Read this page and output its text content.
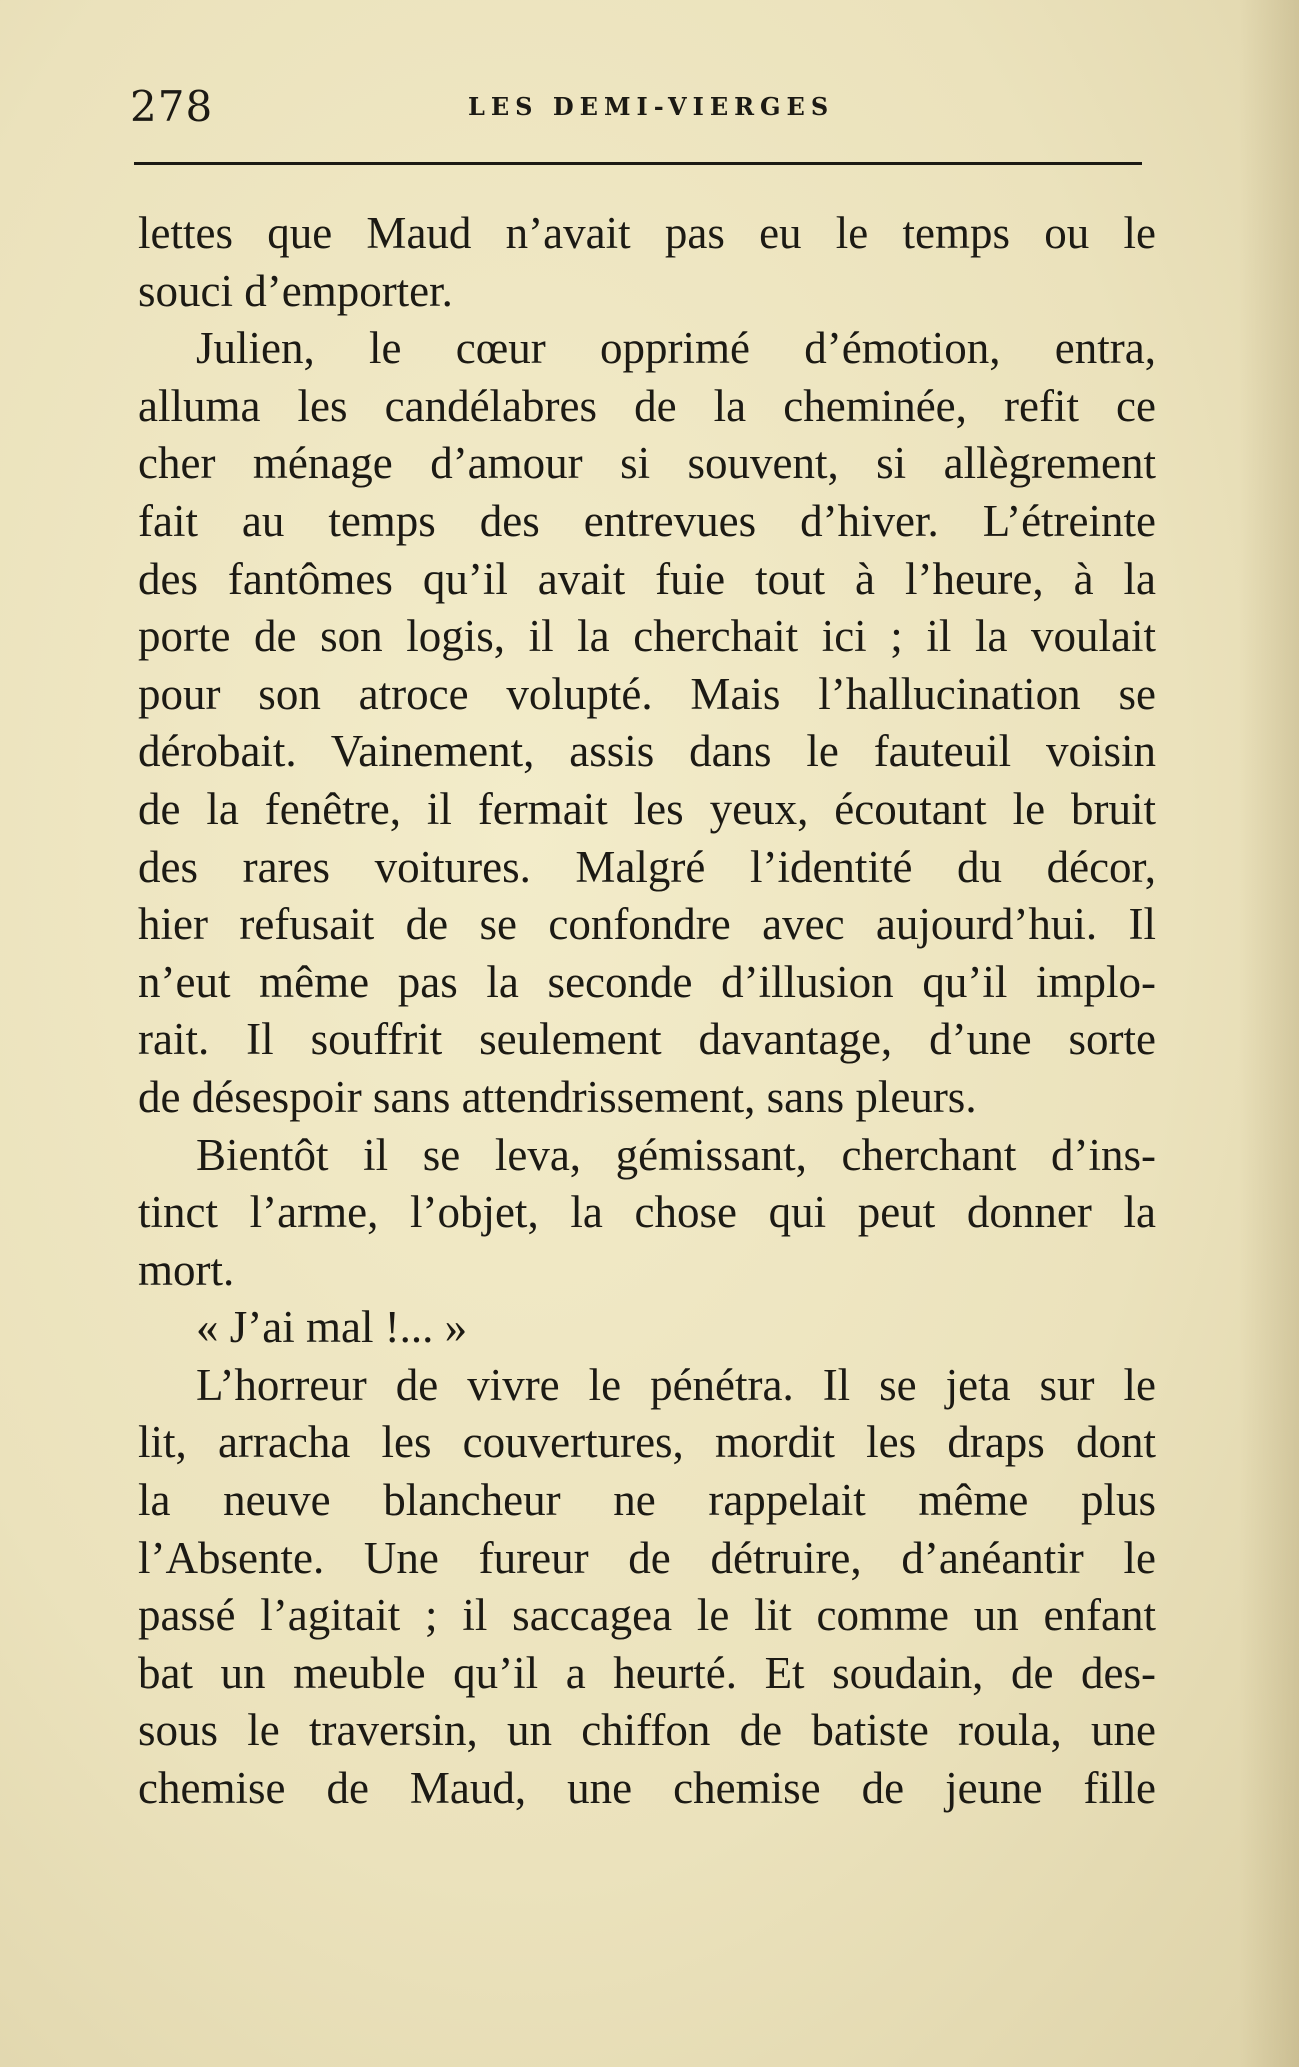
278	LES DEMI-VIERGES
lettes que Maud n’avait pas eu le temps ou le
souci d’emporter.
Julien, le cœur opprimé d’émotion, entra,
alluma les candélabres de la cheminée, refit ce
cher ménage d’amour si souvent, si allègrement
fait au temps des entrevues d’hiver. L’étreinte
des fantômes qu’il avait fuie tout à l’heure, à la
porte de son logis, il la cherchait ici ; il la voulait
pour son atroce volupté. Mais l’hallucination se
dérobait. Vainement, assis dans le fauteuil voisin
de la fenêtre, il fermait les yeux, écoutant le bruit
des rares voitures. Malgré l’identité du décor,
hier refusait de se confondre avec aujourd’hui. Il
n’eut même pas la seconde d’illusion qu’il implo-
rait. Il souffrit seulement davantage, d’une sorte
de désespoir sans attendrissement, sans pleurs.
Bientôt il se leva, gémissant, cherchant d’ins-
tinct l’arme, l’objet, la chose qui peut donner la
mort.
« J’ai mal !... »
L’horreur de vivre le pénétra. Il se jeta sur le
lit, arracha les couvertures, mordit les draps dont
la neuve blancheur ne rappelait même plus
l’Absente. Une fureur de détruire, d’anéantir le
passé l’agitait ; il saccagea le lit comme un enfant
bat un meuble qu’il a heurté. Et soudain, de des-
sous le traversin, un chiffon de batiste roula, une
chemise de Maud, une chemise de jeune fille
